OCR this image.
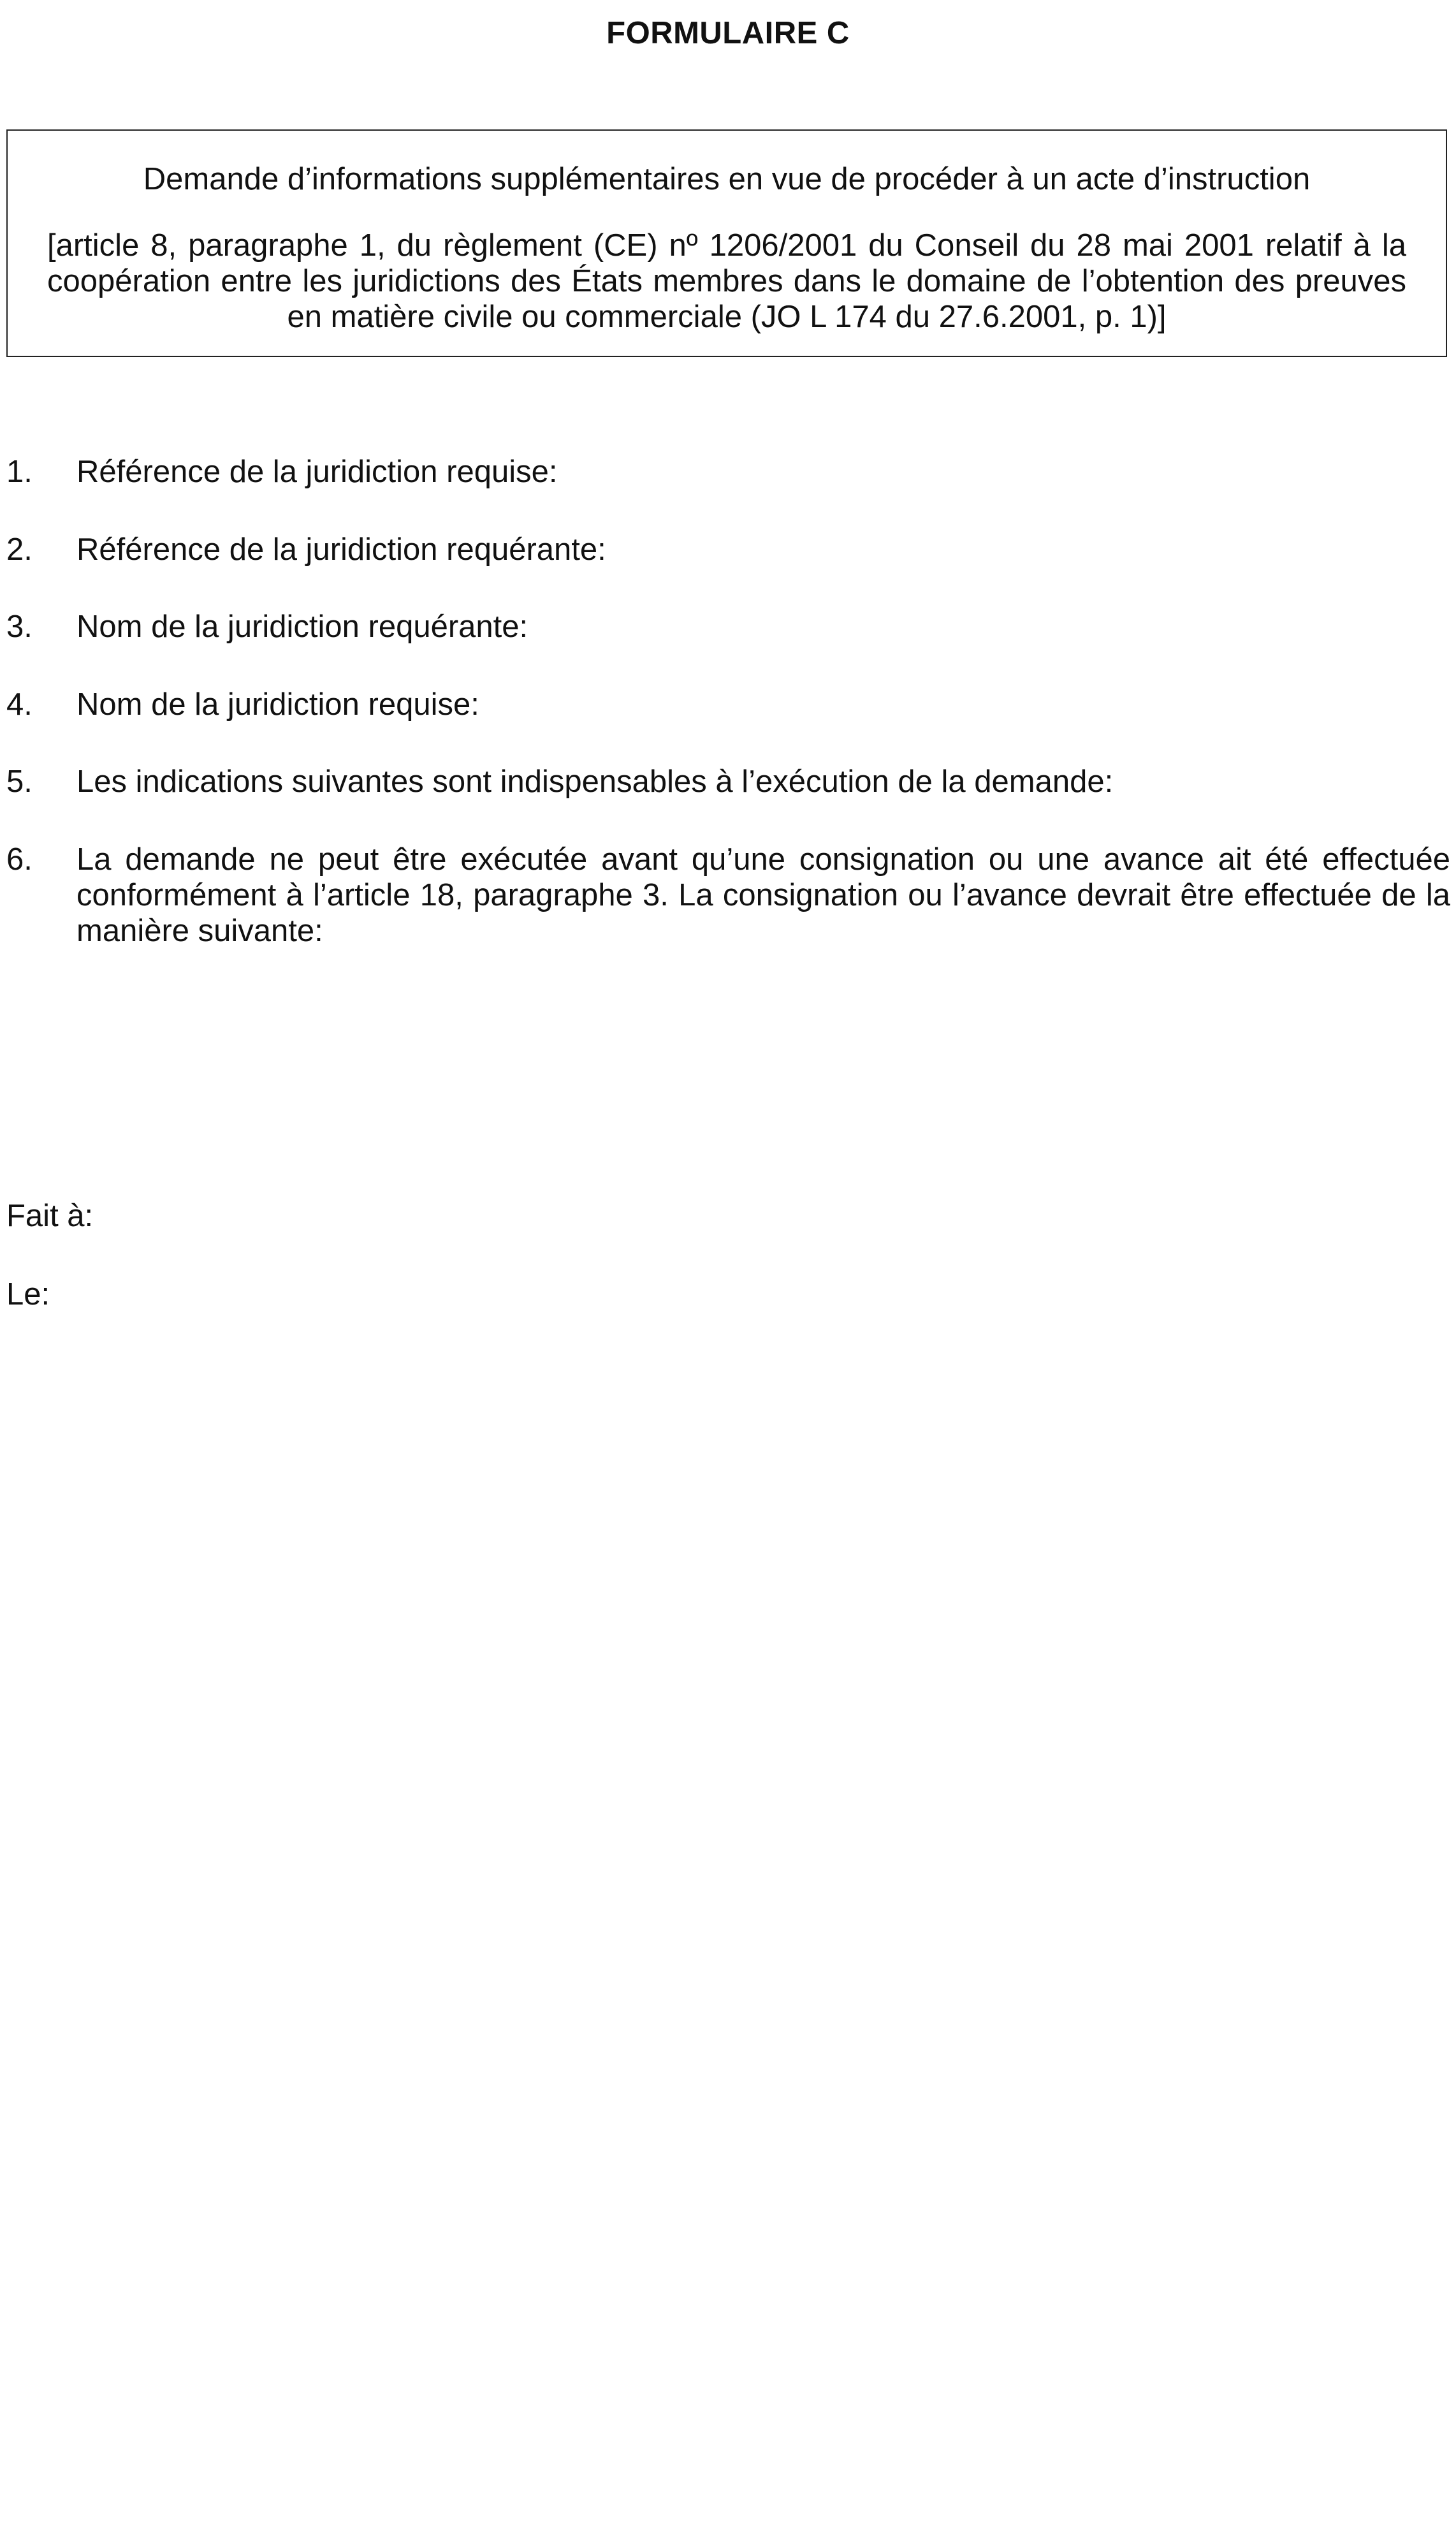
FORMULAIRE C
Demande d’informations supplémentaires en vue de procéder à un acte d’instruction
[article 8, paragraphe 1, du règlement (CE) nº 1206/2001 du Conseil du 28 mai 2001 relatif à la coopération entre les juridictions des États membres dans le domaine de l’obtention des preuves en matière civile ou commerciale (JO L 174 du 27.6.2001, p. 1)]
1.	Référence de la juridiction requise:
2.	Référence de la juridiction requérante:
3.	Nom de la juridiction requérante:
4.	Nom de la juridiction requise:
5.	Les indications suivantes sont indispensables à l’exécution de la demande:
6.	La demande ne peut être exécutée avant qu’une consignation ou une avance ait été effectuée conformément à l’article 18, paragraphe 3. La consignation ou l’avance devrait être effectuée de la manière suivante:
Fait à:
Le:
